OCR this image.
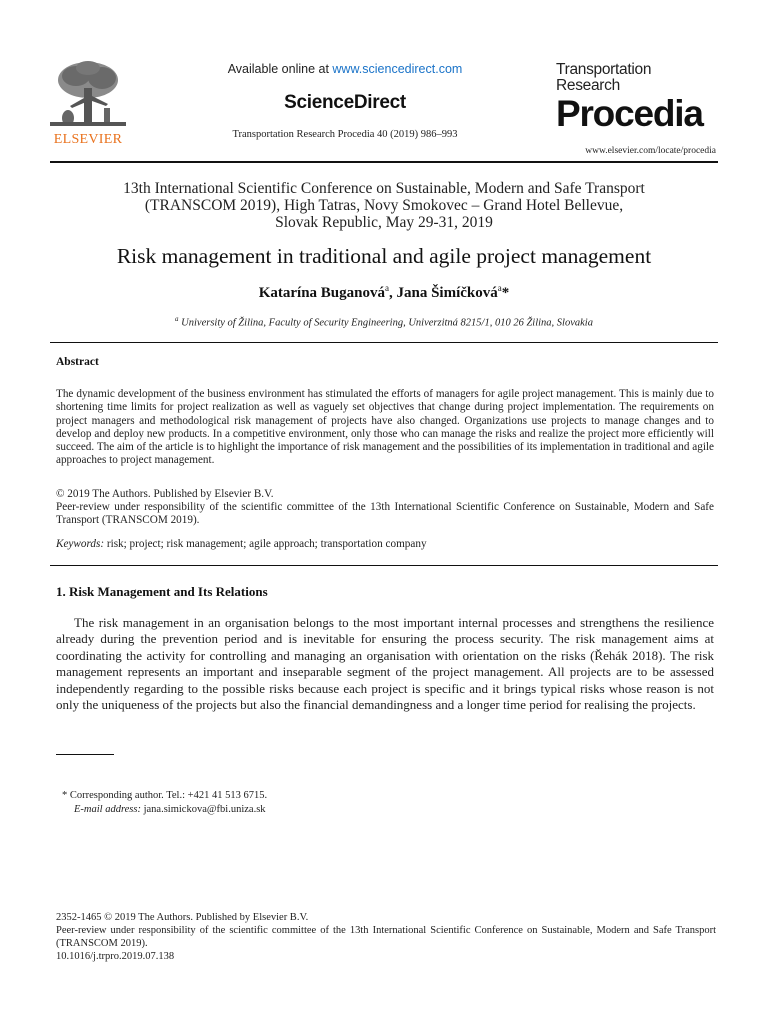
ELSEVIER
Available online at www.sciencedirect.com
ScienceDirect
Transportation Research Procedia 40 (2019) 986–993
Transportation
Research
Procedia
www.elsevier.com/locate/procedia
13th International Scientific Conference on Sustainable, Modern and Safe Transport
(TRANSCOM 2019), High Tatras, Novy Smokovec – Grand Hotel Bellevue,
Slovak Republic, May 29-31, 2019
Risk management in traditional and agile project management
Katarína Buganová$^a$, Jana Šimíčková$^a$*
$^a$ University of Žilina, Faculty of Security Engineering, Univerzitná 8215/1, 010 26 Žilina, Slovakia
Abstract
The dynamic development of the business environment has stimulated the efforts of managers for agile project management. This is mainly due to shortening time limits for project realization as well as vaguely set objectives that change during project implementation. The requirements on project managers and methodological risk management of projects have also changed. Organizations use projects to manage changes and to develop and deploy new products. In a competitive environment, only those who can manage the risks and realize the project more efficiently will succeed. The aim of the article is to highlight the importance of risk management and the possibilities of its implementation in traditional and agile approaches to project management.
© 2019 The Authors. Published by Elsevier B.V.
Peer-review under responsibility of the scientific committee of the 13th International Scientific Conference on Sustainable, Modern and Safe Transport (TRANSCOM 2019).
Keywords: risk; project; risk management; agile approach; transportation company
1. Risk Management and Its Relations
The risk management in an organisation belongs to the most important internal processes and strengthens the resilience already during the prevention period and is inevitable for ensuring the process security. The risk management aims at coordinating the activity for controlling and managing an organisation with orientation on the risks (Řehák 2018). The risk management represents an important and inseparable segment of the project management. All projects are to be assessed independently regarding to the possible risks because each project is specific and it brings typical risks whose reason is not only the uniqueness of the projects but also the financial demandingness and a longer time period for realising the projects.
* Corresponding author. Tel.: +421 41 513 6715.
E-mail address: jana.simickova@fbi.uniza.sk
2352-1465 © 2019 The Authors. Published by Elsevier B.V.
Peer-review under responsibility of the scientific committee of the 13th International Scientific Conference on Sustainable, Modern and Safe Transport (TRANSCOM 2019).
10.1016/j.trpro.2019.07.138
